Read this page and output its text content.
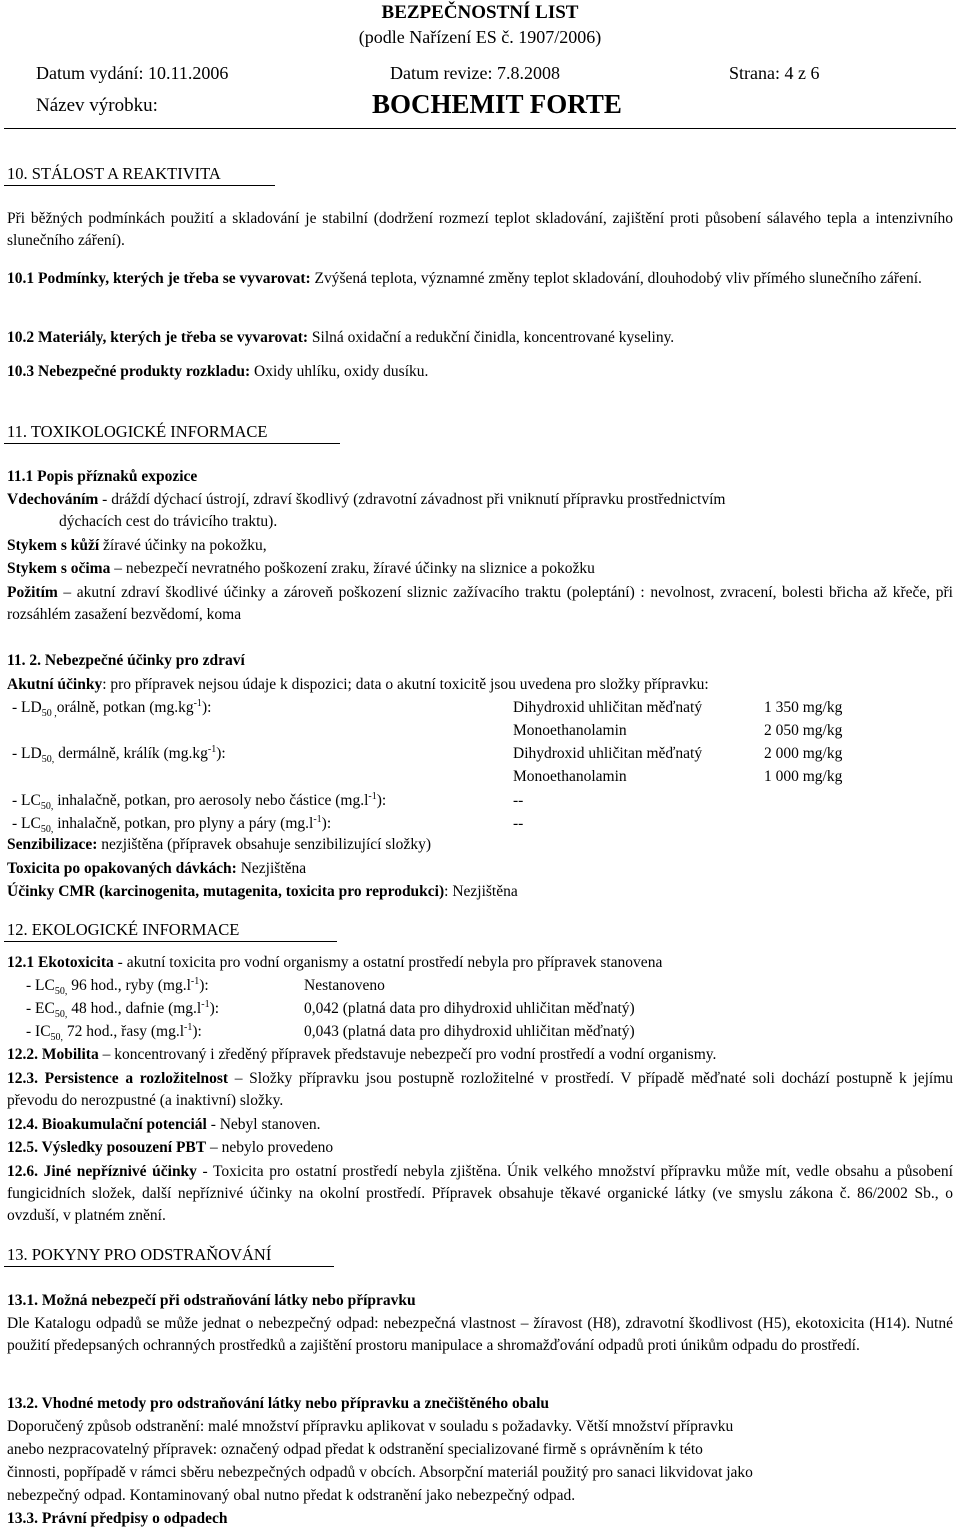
BEZPEČNOSTNÍ LIST
(podle Nařízení ES č. 1907/2006)
Datum vydání: 10.11.2006	Datum revize: 7.8.2008	Strana: 4 z 6
Název výrobku:	BOCHEMIT FORTE
10. STÁLOST A REAKTIVITA
Při běžných podmínkách použití a skladování je stabilní (dodržení rozmezí teplot skladování, zajištění proti působení sálavého tepla a intenzivního slunečního záření).
10.1 Podmínky, kterých je třeba se vyvarovat: Zvýšená teplota, významné změny teplot skladování, dlouhodobý vliv přímého slunečního záření.
10.2 Materiály, kterých je třeba se vyvarovat: Silná oxidační a redukční činidla, koncentrované kyseliny.
10.3 Nebezpečné produkty rozkladu: Oxidy uhlíku, oxidy dusíku.
11. TOXIKOLOGICKÉ INFORMACE
11.1 Popis příznaků expozice
Vdechováním - dráždí dýchací ústrojí, zdraví škodlivý (zdravotní závadnost při vniknutí přípravku prostřednictvím
dýchacích cest do trávicího traktu).
Stykem s kůží žíravé účinky na pokožku,
Stykem s očima – nebezpečí nevratného poškození zraku, žíravé účinky na sliznice a pokožku
Požitím – akutní zdraví škodlivé účinky a zároveň poškození sliznic zažívacího traktu (poleptání) : nevolnost, zvracení, bolesti břicha až křeče, při rozsáhlém zasažení bezvědomí, koma
11. 2. Nebezpečné účinky pro zdraví
Akutní účinky: pro přípravek nejsou údaje k dispozici; data o akutní toxicitě jsou uvedena pro složky přípravku:
- $LD_{50 ,}orá\ln ě$, potkan $(mg.kg^{-1})$:	Dihydroxid uhličitan měďnatý	1 350 mg/kg
Monoethanolamin	2 050 mg/kg
- $LD_{50,}$ dermálně, králík $(mg.kg^{-1})$:	Dihydroxid uhličitan měďnatý	2 000 mg/kg
Monoethanolamin	1 000 mg/kg
- $LC_{50,}$ inhalačně, potkan, pro aerosoly nebo částice $(mg.l^{-1})$:	--
- $LC_{50,}$ inhalačně, potkan, pro plyny a páry $(mg.l^{-1})$:	--
Senzibilizace: nezjištěna (přípravek obsahuje senzibilizující složky)
Toxicita po opakovaných dávkách: Nezjištěna
Účinky CMR (karcinogenita, mutagenita, toxicita pro reprodukci): Nezjištěna
12. EKOLOGICKÉ INFORMACE
12.1 Ekotoxicita - akutní toxicita pro vodní organismy a ostatní prostředí nebyla pro přípravek stanovena
- $LC_{50,}$ 96 hod., ryby $(mg.l^{-1})$:	Nestanoveno
- $EC_{50,}$ 48 hod., dafnie $(mg.l^{-1})$:	0,042 (platná data pro dihydroxid uhličitan měďnatý)
- $IC_{50,}$ 72 hod., řasy $(mg.l^{-1})$:	0,043 (platná data pro dihydroxid uhličitan měďnatý)
12.2. Mobilita – koncentrovaný i zředěný přípravek představuje nebezpečí pro vodní prostředí a vodní organismy.
12.3. Persistence a rozložitelnost – Složky přípravku jsou postupně rozložitelné v prostředí. V případě měďnaté soli dochází postupně k jejímu převodu do nerozpustné (a inaktivní) složky.
12.4. Bioakumulační potenciál - Nebyl stanoven.
12.5. Výsledky posouzení PBT – nebylo provedeno
12.6. Jiné nepříznivé účinky - Toxicita pro ostatní prostředí nebyla zjištěna. Únik velkého množství přípravku může mít, vedle obsahu a působení fungicidních složek, další nepříznivé účinky na okolní prostředí. Přípravek obsahuje těkavé organické látky (ve smyslu zákona č. 86/2002 Sb., o ovzduší, v platném znění.
13. POKYNY PRO ODSTRAŇOVÁNÍ
13.1. Možná nebezpečí při odstraňování látky nebo přípravku
Dle Katalogu odpadů se může jednat o nebezpečný odpad: nebezpečná vlastnost – žíravost (H8), zdravotní škodlivost (H5), ekotoxicita (H14). Nutné použití předepsaných ochranných prostředků a zajištění prostoru manipulace a shromažďování odpadů proti únikům odpadu do prostředí.
13.2. Vhodné metody pro odstraňování látky nebo přípravku a znečištěného obalu
Doporučený způsob odstranění: malé množství přípravku aplikovat v souladu s požadavky. Větší množství přípravku
anebo nezpracovatelný přípravek: označený odpad předat k odstranění specializované firmě s oprávněním k této
činnosti, popřípadě v rámci sběru nebezpečných odpadů v obcích. Absorpční materiál použitý pro sanaci likvidovat jako
nebezpečný odpad. Kontaminovaný obal nutno předat k odstranění jako nebezpečný odpad.
13.3. Právní předpisy o odpadech
